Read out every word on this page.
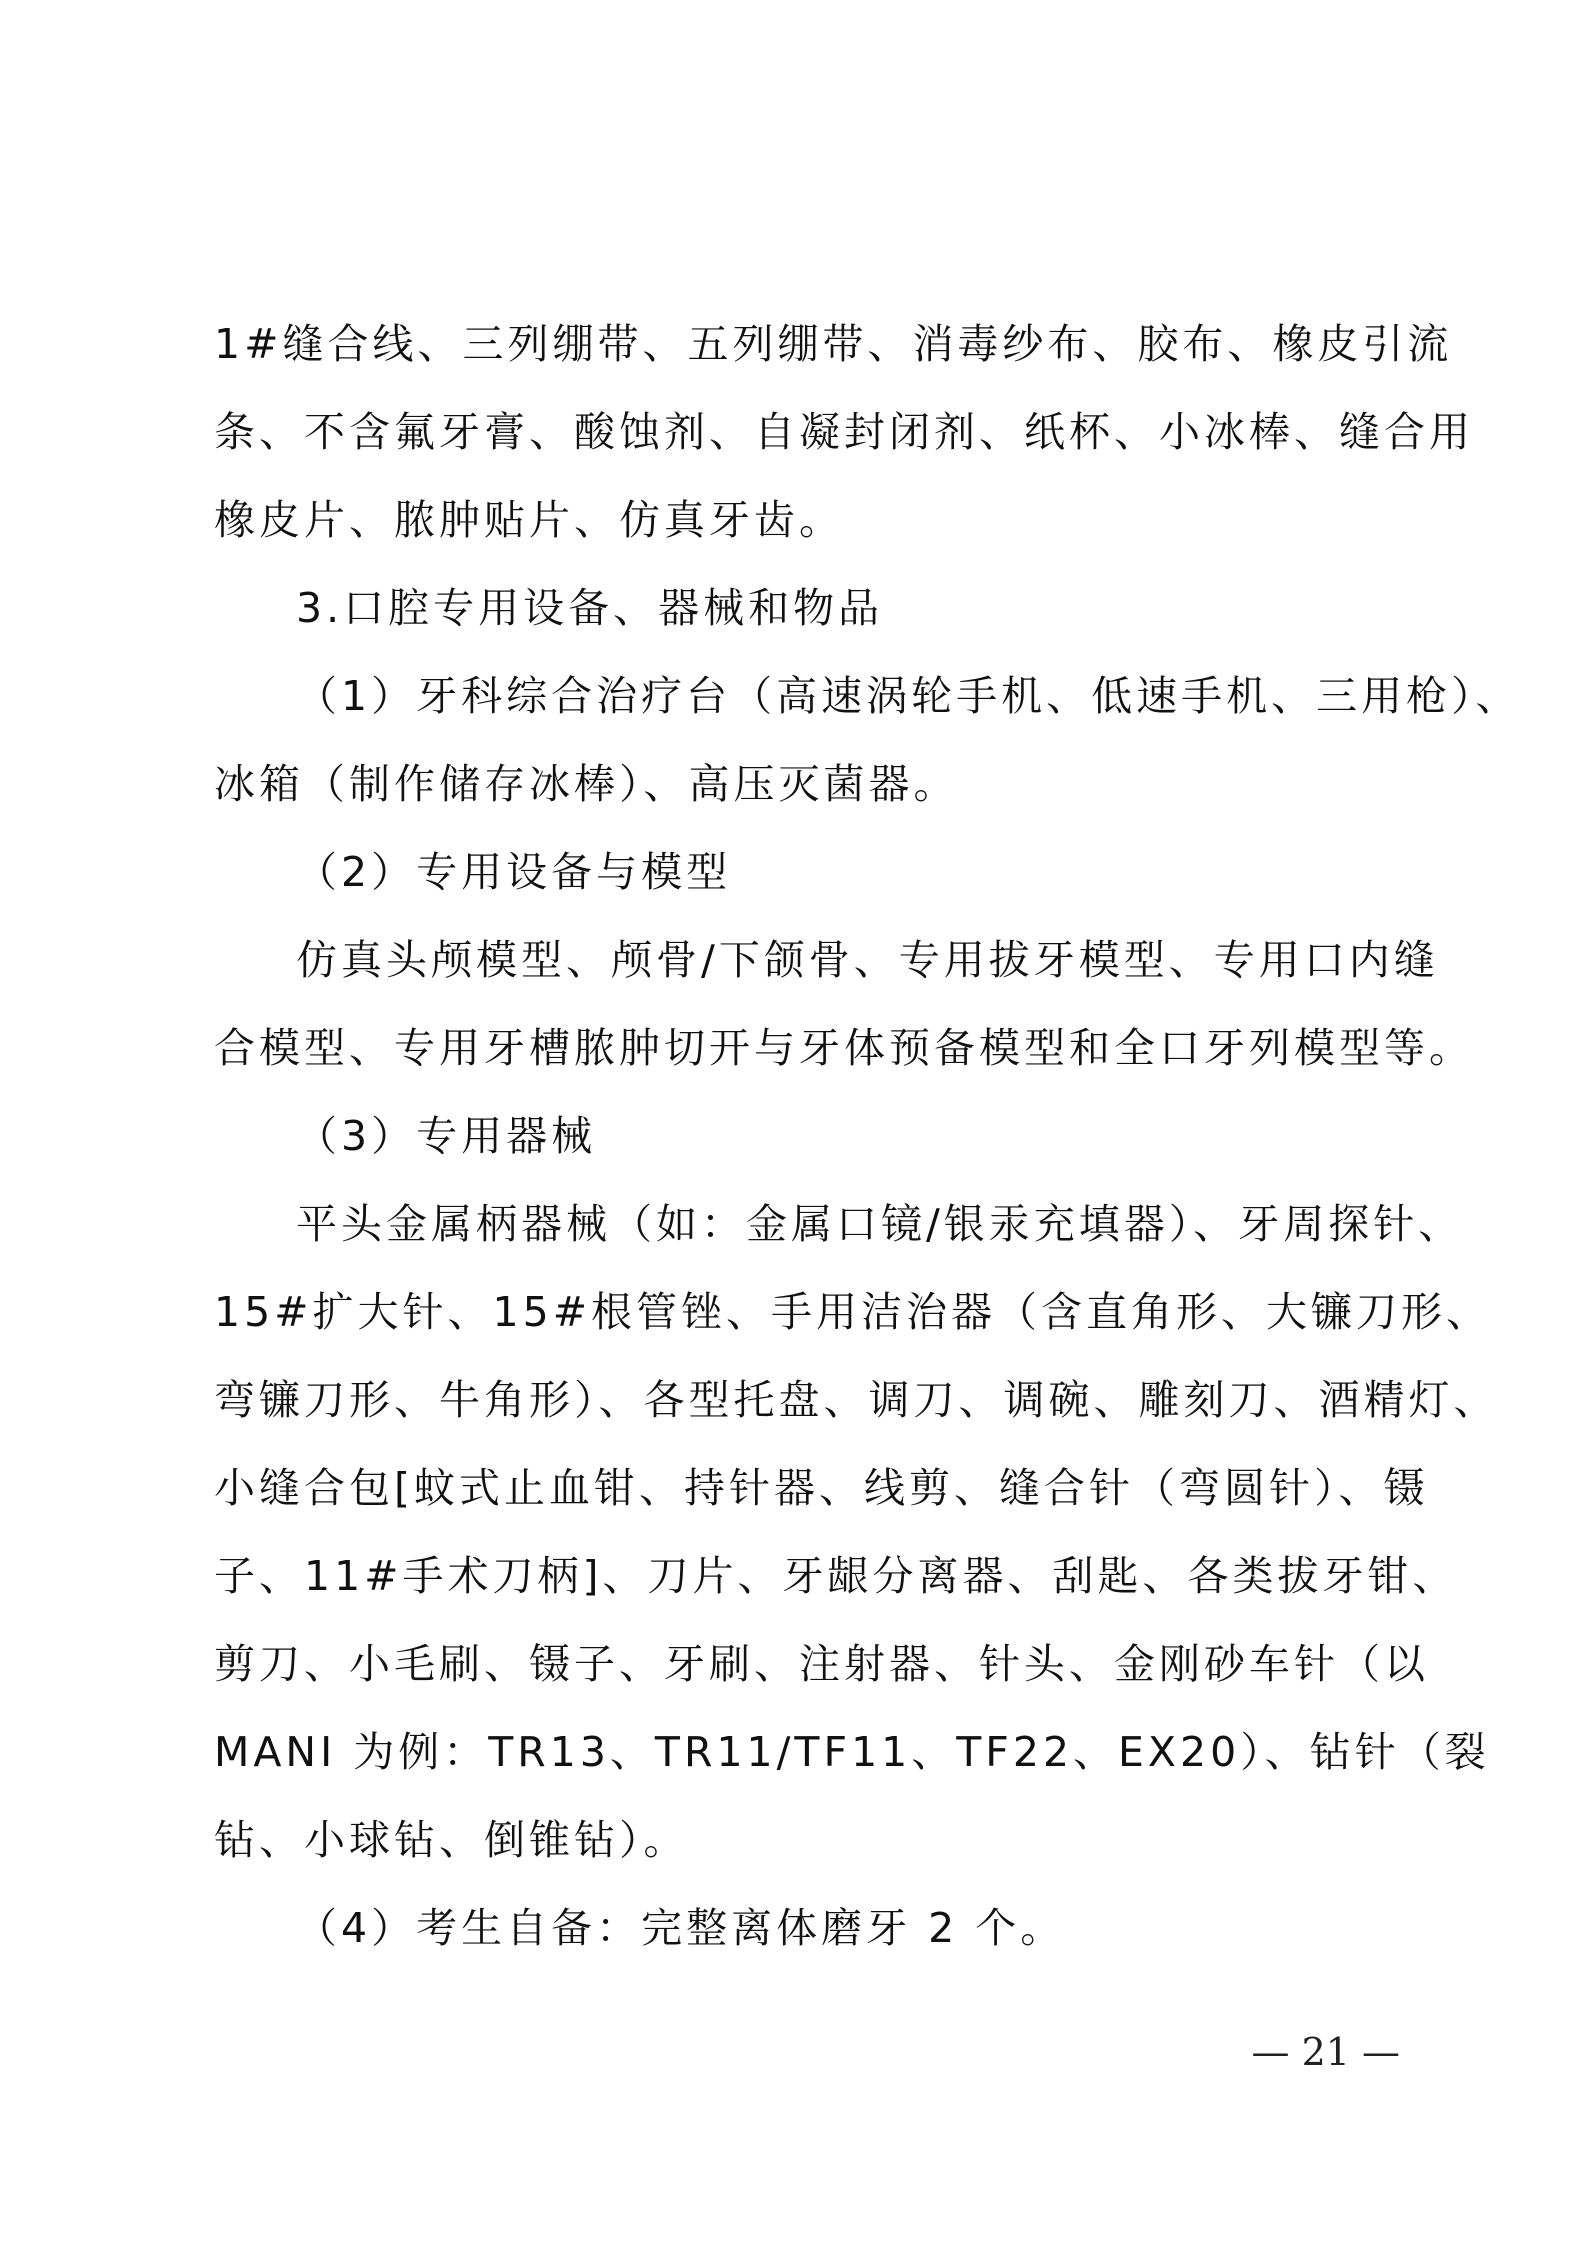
1#缝合线、三列绷带、五列绷带、消毒纱布、胶布、橡皮引流
条、不含氟牙膏、酸蚀剂、自凝封闭剂、纸杯、小冰棒、缝合用
橡皮片、脓肿贴片、仿真牙齿。

3.口腔专用设备、器械和物品

（1）牙科综合治疗台（高速涡轮手机、低速手机、三用枪）、
冰箱（制作储存冰棒）、高压灭菌器。

（2）专用设备与模型

仿真头颅模型、颅骨/下颌骨、专用拔牙模型、专用口内缝
合模型、专用牙槽脓肿切开与牙体预备模型和全口牙列模型等。

（3）专用器械

平头金属柄器械（如：金属口镜/银汞充填器）、牙周探针、
15#扩大针、15#根管锉、手用洁治器（含直角形、大镰刀形、
弯镰刀形、牛角形）、各型托盘、调刀、调碗、雕刻刀、酒精灯、
小缝合包[蚊式止血钳、持针器、线剪、缝合针（弯圆针）、镊
子、11#手术刀柄]、刀片、牙龈分离器、刮匙、各类拔牙钳、
剪刀、小毛刷、镊子、牙刷、注射器、针头、金刚砂车针（以
MANI 为例：TR13、TR11/TF11、TF22、EX20）、钻针（裂
钻、小球钻、倒锥钻）。

（4）考生自备：完整离体磨牙 2 个。

— 21 —
